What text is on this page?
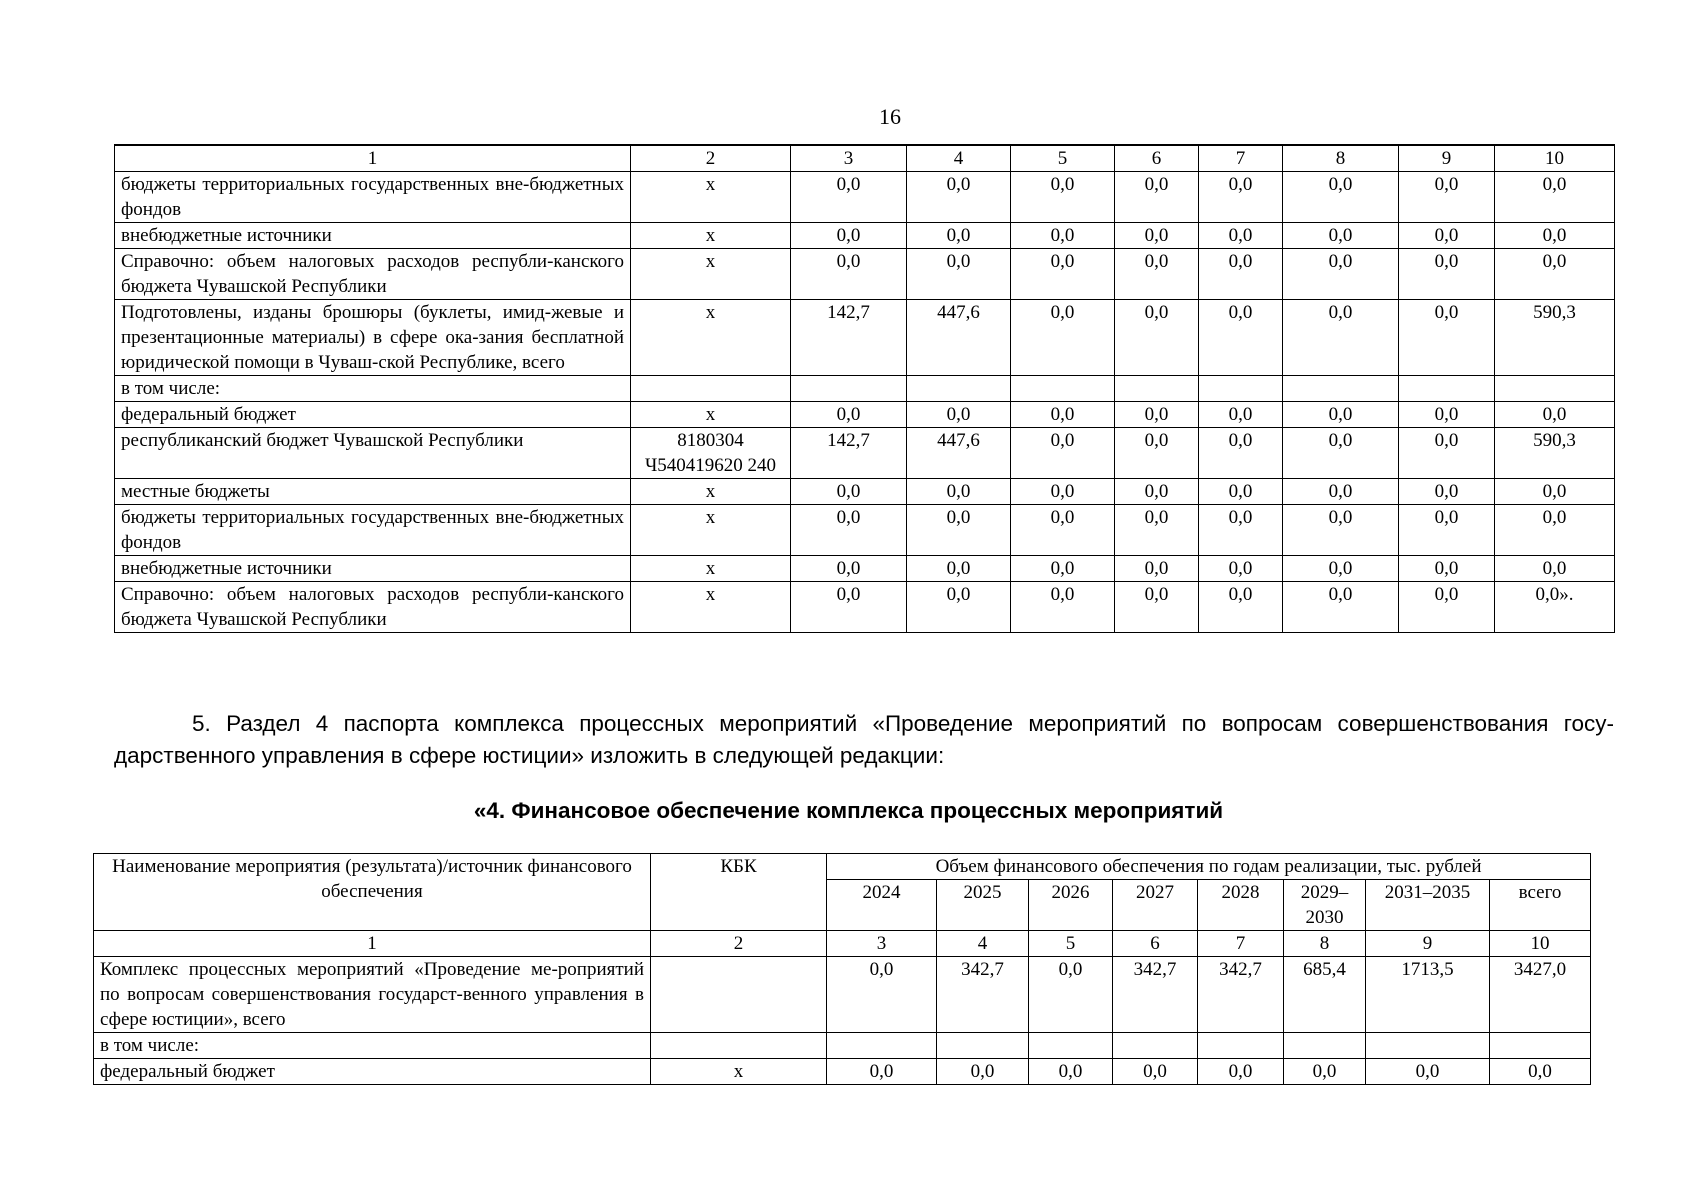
16
1	2	3	4	5	6	7	8	9	10
бюджеты территориальных государственных вне-бюджетных фондов	x	0,0	0,0	0,0	0,0	0,0	0,0	0,0	0,0
внебюджетные источники	x	0,0	0,0	0,0	0,0	0,0	0,0	0,0	0,0
Справочно: объем налоговых расходов республи-канского бюджета Чувашской Республики	x	0,0	0,0	0,0	0,0	0,0	0,0	0,0	0,0
Подготовлены, изданы брошюры (буклеты, имид-жевые и презентационные материалы) в сфере ока-зания бесплатной юридической помощи в Чуваш-ской Республике, всего	x	142,7	447,6	0,0	0,0	0,0	0,0	0,0	590,3
в том числе:									
федеральный бюджет	x	0,0	0,0	0,0	0,0	0,0	0,0	0,0	0,0
республиканский бюджет Чувашской Республики	8180304 Ч540419620 240	142,7	447,6	0,0	0,0	0,0	0,0	0,0	590,3
местные бюджеты	x	0,0	0,0	0,0	0,0	0,0	0,0	0,0	0,0
бюджеты территориальных государственных вне-бюджетных фондов	x	0,0	0,0	0,0	0,0	0,0	0,0	0,0	0,0
внебюджетные источники	x	0,0	0,0	0,0	0,0	0,0	0,0	0,0	0,0
Справочно: объем налоговых расходов республи-канского бюджета Чувашской Республики	x	0,0	0,0	0,0	0,0	0,0	0,0	0,0	0,0».
5. Раздел 4 паспорта комплекса процессных мероприятий «Проведение мероприятий по вопросам совершенствования госу-дарственного управления в сфере юстиции» изложить в следующей редакции:
«4. Финансовое обеспечение комплекса процессных мероприятий
Наименование мероприятия (результата)/источник финансового обеспечения	КБК	Объем финансового обеспечения по годам реализации, тыс. рублей							
		2024	2025	2026	2027	2028	2029–2030	2031–2035	всего
1	2	3	4	5	6	7	8	9	10
Комплекс процессных мероприятий «Проведение ме-роприятий по вопросам совершенствования государст-венного управления в сфере юстиции», всего		0,0	342,7	0,0	342,7	342,7	685,4	1713,5	3427,0
в том числе:									
федеральный бюджет	x	0,0	0,0	0,0	0,0	0,0	0,0	0,0	0,0
